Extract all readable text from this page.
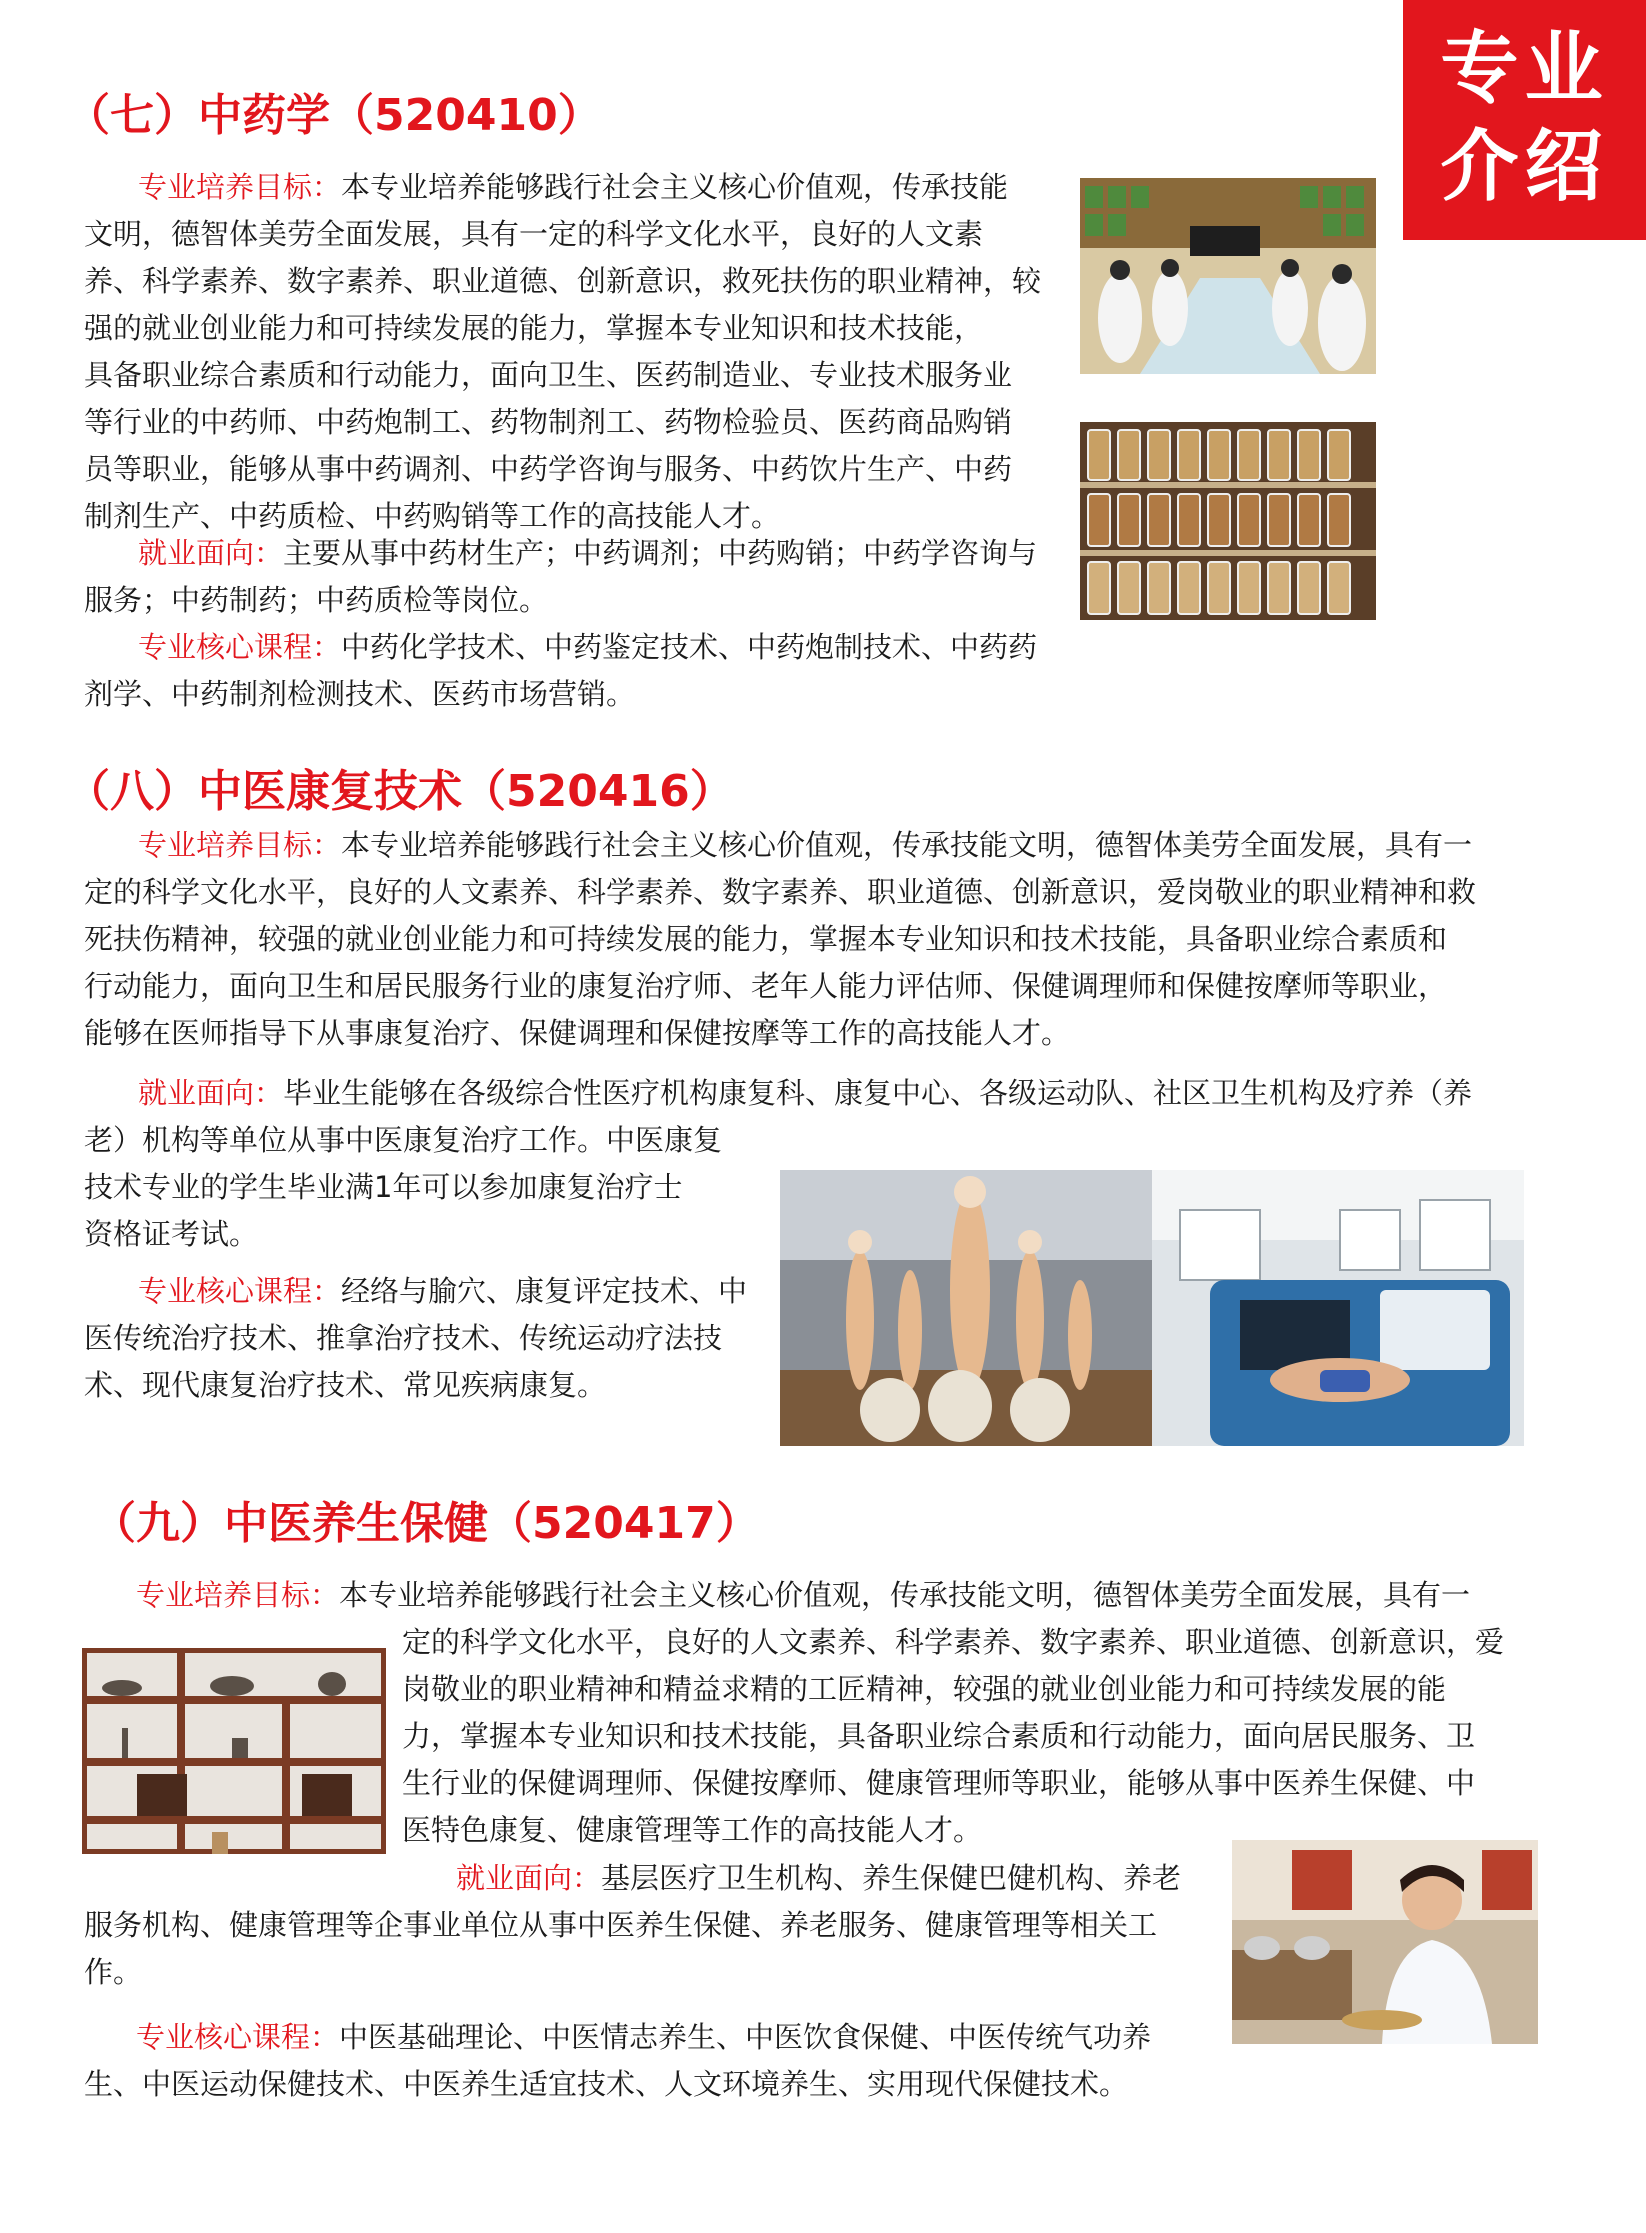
专业
介绍
（七）中药学（520410）
专业培养目标：本专业培养能够践行社会主义核心价值观，传承技能
文明，德智体美劳全面发展，具有一定的科学文化水平，良好的人文素
养、科学素养、数字素养、职业道德、创新意识，救死扶伤的职业精神，较
强的就业创业能力和可持续发展的能力，掌握本专业知识和技术技能，
具备职业综合素质和行动能力，面向卫生、医药制造业、专业技术服务业
等行业的中药师、中药炮制工、药物制剂工、药物检验员、医药商品购销
员等职业，能够从事中药调剂、中药学咨询与服务、中药饮片生产、中药
制剂生产、中药质检、中药购销等工作的高技能人才。
就业面向：主要从事中药材生产；中药调剂；中药购销；中药学咨询与
服务；中药制药；中药质检等岗位。
专业核心课程：中药化学技术、中药鉴定技术、中药炮制技术、中药药
剂学、中药制剂检测技术、医药市场营销。
（八）中医康复技术（520416）
专业培养目标：本专业培养能够践行社会主义核心价值观，传承技能文明，德智体美劳全面发展，具有一
定的科学文化水平，良好的人文素养、科学素养、数字素养、职业道德、创新意识，爱岗敬业的职业精神和救
死扶伤精神，较强的就业创业能力和可持续发展的能力，掌握本专业知识和技术技能，具备职业综合素质和
行动能力，面向卫生和居民服务行业的康复治疗师、老年人能力评估师、保健调理师和保健按摩师等职业，
能够在医师指导下从事康复治疗、保健调理和保健按摩等工作的高技能人才。
就业面向：毕业生能够在各级综合性医疗机构康复科、康复中心、各级运动队、社区卫生机构及疗养（养
老）机构等单位从事中医康复治疗工作。中医康复
技术专业的学生毕业满1年可以参加康复治疗士
资格证考试。
专业核心课程：经络与腧穴、康复评定技术、中
医传统治疗技术、推拿治疗技术、传统运动疗法技
术、现代康复治疗技术、常见疾病康复。
（九）中医养生保健（520417）
专业培养目标：本专业培养能够践行社会主义核心价值观，传承技能文明，德智体美劳全面发展，具有一
定的科学文化水平，良好的人文素养、科学素养、数字素养、职业道德、创新意识，爱
岗敬业的职业精神和精益求精的工匠精神，较强的就业创业能力和可持续发展的能
力，掌握本专业知识和技术技能，具备职业综合素质和行动能力，面向居民服务、卫
生行业的保健调理师、保健按摩师、健康管理师等职业，能够从事中医养生保健、中
医特色康复、健康管理等工作的高技能人才。
就业面向：基层医疗卫生机构、养生保健巴健机构、养老
服务机构、健康管理等企事业单位从事中医养生保健、养老服务、健康管理等相关工
作。
专业核心课程：中医基础理论、中医情志养生、中医饮食保健、中医传统气功养
生、中医运动保健技术、中医养生适宜技术、人文环境养生、实用现代保健技术。
